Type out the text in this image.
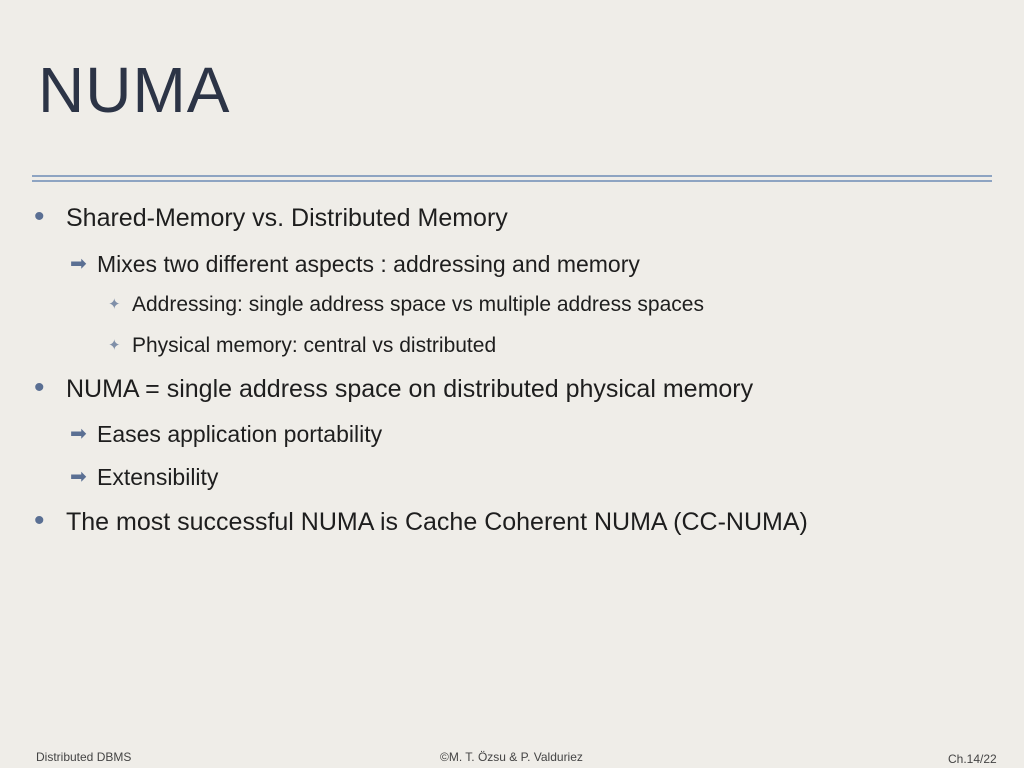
NUMA
• Shared-Memory vs. Distributed Memory
➡ Mixes two different aspects : addressing and memory
✦ Addressing: single address space vs multiple address spaces
✦ Physical memory: central vs distributed
• NUMA = single address space on distributed physical memory
➡ Eases application portability
➡ Extensibility
• The most successful NUMA is Cache Coherent NUMA (CC-NUMA)
Distributed DBMS	©M. T. Özsu & P. Valduriez	Ch.14/22
